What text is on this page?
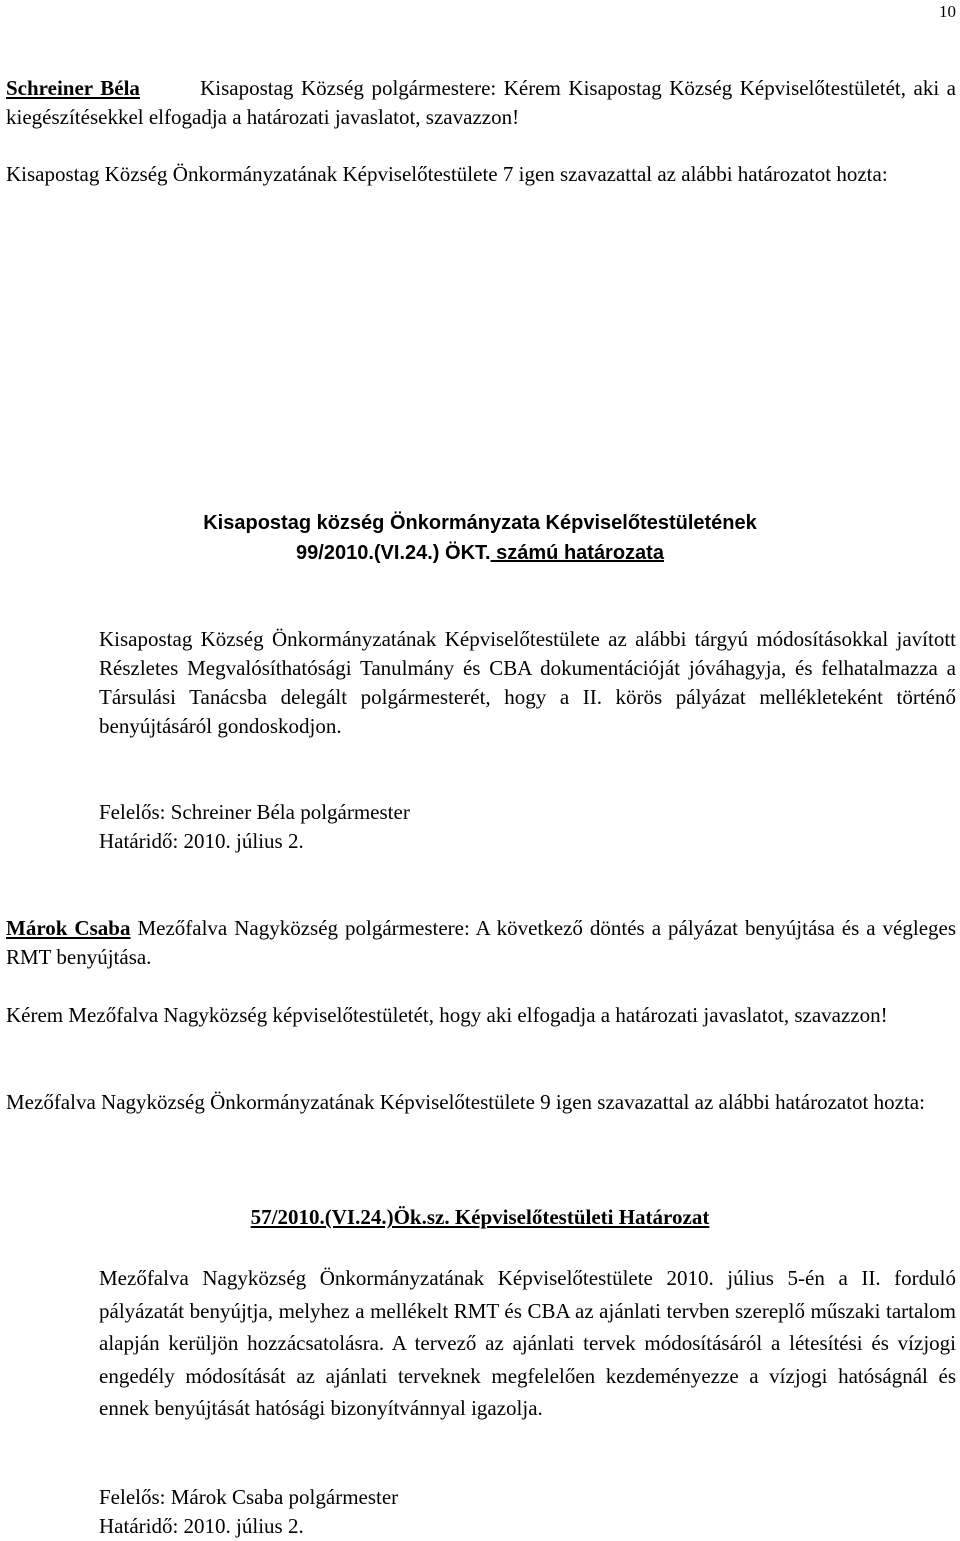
10

Schreiner Béla	Kisapostag Község polgármestere: Kérem Kisapostag Község Képviselőtestületét, aki a kiegészítésekkel elfogadja a határozati javaslatot, szavazzon!

Kisapostag Község Önkormányzatának Képviselőtestülete 7 igen szavazattal az alábbi határozatot hozta:

Kisapostag község Önkormányzata Képviselőtestületének
99/2010.(VI.24.) ÖKT. számú határozata

Kisapostag Község Önkormányzatának Képviselőtestülete az alábbi tárgyú módosításokkal javított Részletes Megvalósíthatósági Tanulmány és CBA dokumentációját jóváhagyja, és felhatalmazza a Társulási Tanácsba delegált polgármesterét, hogy a II. körös pályázat mellékleteként történő benyújtásáról gondoskodjon.

Felelős: Schreiner Béla polgármester
Határidő: 2010. július 2.

Márok Csaba Mezőfalva Nagyközség polgármestere: A következő döntés a pályázat benyújtása és a végleges RMT benyújtása.

Kérem Mezőfalva Nagyközség képviselőtestületét, hogy aki elfogadja a határozati javaslatot, szavazzon!

Mezőfalva Nagyközség Önkormányzatának Képviselőtestülete 9 igen szavazattal az alábbi határozatot hozta:

57/2010.(VI.24.)Ök.sz. Képviselőtestületi Határozat

Mezőfalva Nagyközség Önkormányzatának Képviselőtestülete 2010. július 5-én a II. forduló pályázatát benyújtja, melyhez a mellékelt RMT és CBA az ajánlati tervben szereplő műszaki tartalom alapján kerüljön hozzácsatolásra. A tervező az ajánlati tervek módosításáról a létesítési és vízjogi engedély módosítását az ajánlati terveknek megfelelően kezdeményezze a vízjogi hatóságnál és ennek benyújtását hatósági bizonyítvánnyal igazolja.

Felelős: Márok Csaba polgármester
Határidő: 2010. július 2.
